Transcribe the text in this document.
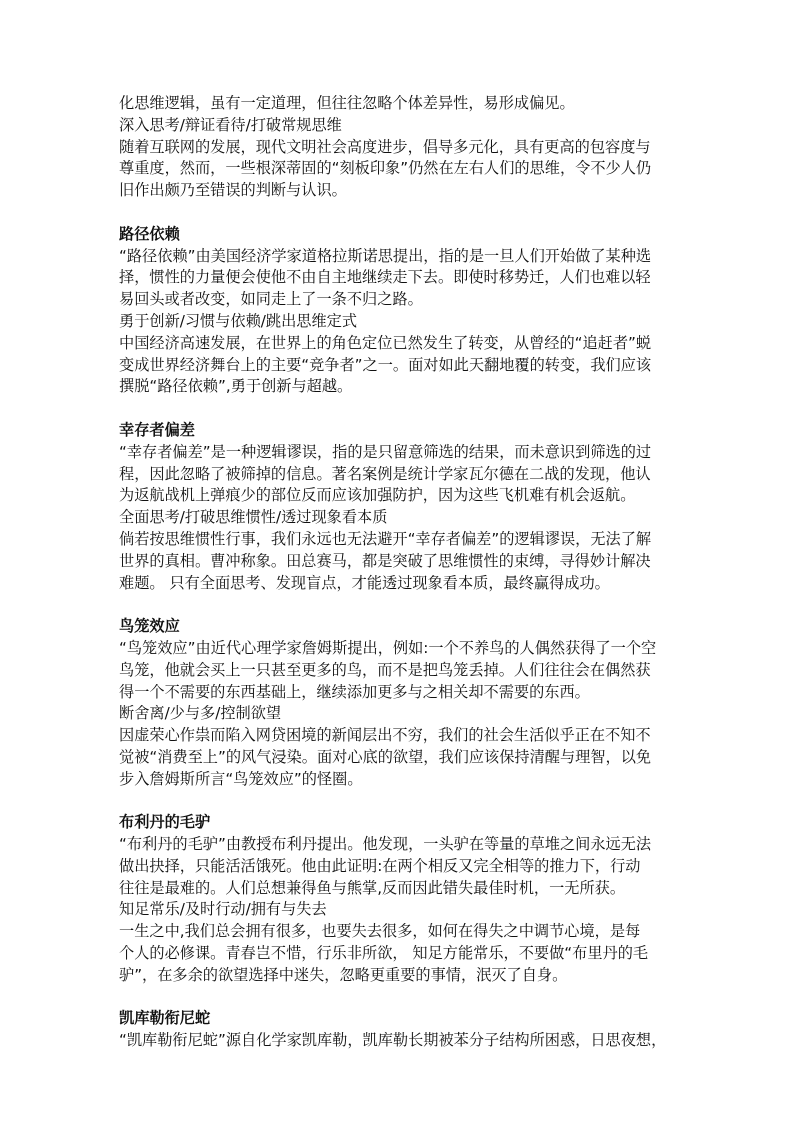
化思维逻辑，虽有一定道理，但往往忽略个体差异性，易形成偏见。
深入思考/辩证看待/打破常规思维
随着互联网的发展，现代文明社会高度进步，倡导多元化，具有更高的包容度与
尊重度，然而，一些根深蒂固的“刻板印象”仍然在左右人们的思维，令不少人仍
旧作出颇乃至错误的判断与认识。
路径依赖
“路径依赖”由美国经济学家道格拉斯诺思提出，指的是一旦人们开始做了某种选
择，惯性的力量便会使他不由自主地继续走下去。即使时移势迁，人们也难以轻
易回头或者改变，如同走上了一条不归之路。
勇于创新/习惯与依赖/跳出思维定式
中国经济高速发展，在世界上的角色定位已然发生了转变，从曾经的“追赶者”蜕
变成世界经济舞台上的主要“竞争者”之一。面对如此天翻地覆的转变，我们应该
撰脱“路径依赖”,勇于创新与超越。
幸存者偏差
“幸存者偏差”是一种逻辑谬误，指的是只留意筛选的结果，而未意识到筛选的过
程，因此忽略了被筛掉的信息。著名案例是统计学家瓦尔德在二战的发现，他认
为返航战机上弹痕少的部位反而应该加强防护，因为这些飞机难有机会返航。
全面思考/打破思维惯性/透过现象看本质
倘若按思维惯性行事，我们永远也无法避开“幸存者偏差”的逻辑谬误，无法了解
世界的真相。曹冲称象。田总赛马，都是突破了思维惯性的束缚，寻得妙计解决
难题。 只有全面思考、发现盲点，才能透过现象看本质，最终赢得成功。
鸟笼效应
“鸟笼效应”由近代心理学家詹姆斯提出，例如:一个不养鸟的人偶然获得了一个空
鸟笼，他就会买上一只甚至更多的鸟，而不是把鸟笼丢掉。人们往往会在偶然获
得一个不需要的东西基础上，继续添加更多与之相关却不需要的东西。
断舍离/少与多/控制欲望
因虚荣心作祟而陷入网贷困境的新闻层出不穷，我们的社会生活似乎正在不知不
觉被“消费至上”的风气浸染。面对心底的欲望，我们应该保持清醒与理智，以免
步入詹姆斯所言“鸟笼效应”的怪圈。
布利丹的毛驴
“布利丹的毛驴”由教授布利丹提出。他发现，一头驴在等量的草堆之间永远无法
做出抉择，只能活活饿死。他由此证明:在两个相反又完全相等的推力下，行动
往往是最难的。人们总想兼得鱼与熊掌,反而因此错失最佳时机，一无所获。
知足常乐/及时行动/拥有与失去
一生之中,我们总会拥有很多，也要失去很多，如何在得失之中调节心境，是每
个人的必修课。青春岂不惜，行乐非所欲， 知足方能常乐，不要做“布里丹的毛
驴”，在多余的欲望选择中迷失，忽略更重要的事情，泯灭了自身。
凯库勒衔尼蛇
“凯库勒衔尼蛇”源自化学家凯库勒，凯库勒长期被苯分子结构所困惑，日思夜想，
